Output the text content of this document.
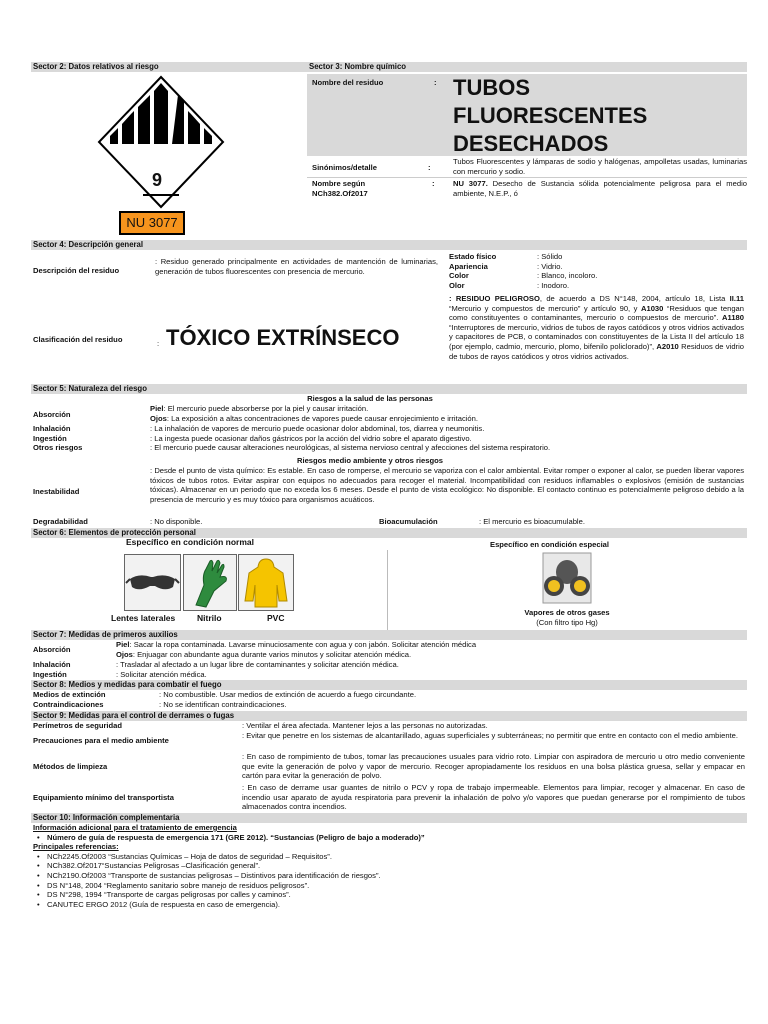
Sector 2: Datos relativos al riesgo
9
NU 3077
Sector 3: Nombre químico
Nombre del residuo	: TUBOS
FLUORESCENTES
DESECHADOS
Sinónimos/detalle	:
Tubos Fluorescentes y lámparas de sodio y halógenas, ampolletas usadas, luminarias con mercurio y sodio.
Nombre según
NCh382.Of2017
: NU 3077. Desecho de Sustancia sólida potencialmente peligrosa para el medio ambiente, N.E.P., ó
Sector 4: Descripción general
Descripción del residuo
: Residuo generado principalmente en actividades de mantención de luminarias, generación de tubos fluorescentes con presencia de mercurio.
Estado físico	: Sólido
Apariencia	: Vidrio.
Color	: Blanco, incoloro.
Olor	: Inodoro.
Clasificación del residuo	: TÓXICO EXTRÍNSECO
: RESIDUO PELIGROSO, de acuerdo a DS N°148, 2004, artículo 18, Lista II.11 “Mercurio y compuestos de mercurio” y artículo 90, y A1030 “Residuos que tengan como constituyentes o contaminantes, mercurio o compuestos de mercurio”. A1180 “Interruptores de mercurio, vidrios de tubos de rayos catódicos y otros vidrios activados y capacitores de PCB, o contaminados con constituyentes de la Lista II del artículo 18 (por ejemplo, cadmio, mercurio, plomo, bifenilo policlorado)”, A2010 Residuos de vidrio de tubos de rayos catódicos y otros vidrios activados.
Sector 5: Naturaleza del riesgo
Riesgos a la salud de las personas
Absorción
Piel: El mercurio puede absorberse por la piel y causar irritación.
Ojos: La exposición a altas concentraciones de vapores puede causar enrojecimiento e irritación.
Inhalación	: La inhalación de vapores de mercurio puede ocasionar dolor abdominal, tos, diarrea y neumonitis.
Ingestión	: La ingesta puede ocasionar daños gástricos por la acción del vidrio sobre el aparato digestivo.
Otros riesgos	: El mercurio puede causar alteraciones neurológicas, al sistema nervioso central y afecciones del sistema respiratorio.
Riesgos medio ambiente y otros riesgos
Inestabilidad
: Desde el punto de vista químico: Es estable. En caso de romperse, el mercurio se vaporiza con el calor ambiental. Evitar romper o exponer al calor, se pueden liberar vapores tóxicos de tubos rotos. Evitar aspirar con equipos no adecuados para recoger el material. Incompatibilidad con residuos inflamables o explosivos (emisión de sustancias tóxicas). Almacenar en un periodo que no exceda los 6 meses. Desde el punto de vista ecológico: No disponible. El contacto continuo es potencialmente peligroso debido a la presencia de mercurio y es muy tóxico para organismos acuáticos.
Degradabilidad	: No disponible.	Bioacumulación	: El mercurio es bioacumulable.
Sector 6: Elementos de protección personal
Específico en condición normal	Específico en condición especial
Lentes laterales	Nitrilo	PVC
Vapores de otros gases
(Con filtro tipo Hg)
Sector 7: Medidas de primeros auxilios
Absorción
Piel: Sacar la ropa contaminada. Lavarse minuciosamente con agua y con jabón. Solicitar atención médica
Ojos: Enjuagar con abundante agua durante varios minutos y solicitar atención médica.
Inhalación	: Trasladar al afectado a un lugar libre de contaminantes y solicitar atención médica.
Ingestión	: Solicitar atención médica.
Sector 8: Medios y medidas para combatir el fuego
Medios de extinción	: No combustible. Usar medios de extinción de acuerdo a fuego circundante.
Contraindicaciones	: No se identifican contraindicaciones.
Sector 9: Medidas para el control de derrames o fugas
Perímetros de seguridad	: Ventilar el área afectada. Mantener lejos a las personas no autorizadas.
Precauciones para el medio ambiente
: Evitar que penetre en los sistemas de alcantarillado, aguas superficiales y subterráneas; no permitir que entre en contacto con el medio ambiente.
Métodos de limpieza
: En caso de rompimiento de tubos, tomar las precauciones usuales para vidrio roto. Limpiar con aspiradora de mercurio u otro medio conveniente que evite la generación de polvo y vapor de mercurio. Recoger apropiadamente los residuos en una bolsa plástica gruesa, sellar y empacar en cartón para evitar la generación de polvo.
Equipamiento mínimo del transportista
: En caso de derrame usar guantes de nitrilo o PCV y ropa de trabajo impermeable. Elementos para limpiar, recoger y almacenar. En caso de incendio usar aparato de ayuda respiratoria para prevenir la inhalación de polvo y/o vapores que puedan generarse por el rompimiento de tubos almacenados contra incendios.
Sector 10: Información complementaria
Información adicional para el tratamiento de emergencia
• Número de guía de respuesta de emergencia 171 (GRE 2012). “Sustancias (Peligro de bajo a moderado)”
Principales referencias:
• NCh2245.Of2003 “Sustancias Químicas – Hoja de datos de seguridad – Requisitos”.
• NCh382.Of2017“Sustancias Peligrosas –Clasificación general”.
• NCh2190.Of2003 “Transporte de sustancias peligrosas – Distintivos para identificación de riesgos”.
• DS N°148, 2004 “Reglamento sanitario sobre manejo de residuos peligrosos”.
• DS N°298, 1994 “Transporte de cargas peligrosas por calles y caminos”.
• CANUTEC ERGO 2012 (Guía de respuesta en caso de emergencia).
